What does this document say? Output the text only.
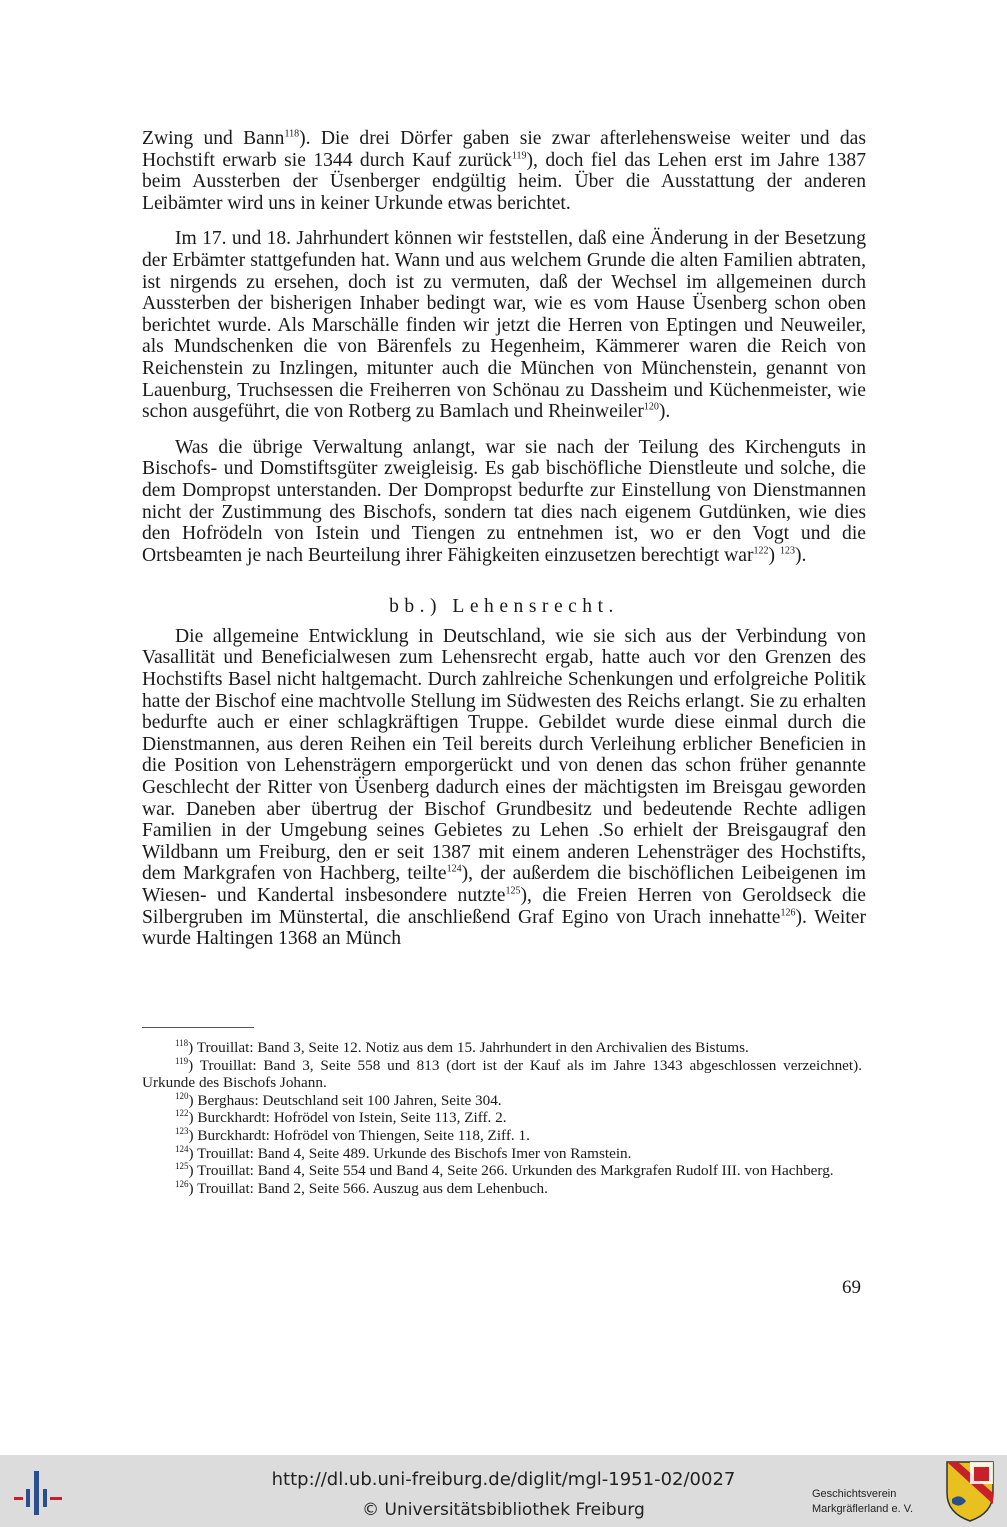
Zwing und Bann$^{118}$). Die drei Dörfer gaben sie zwar afterlehensweise weiter und das Hochstift erwarb sie 1344 durch Kauf zurück$^{119}$), doch fiel das Lehen erst im Jahre 1387 beim Aussterben der Üsenberger endgültig heim. Über die Ausstattung der anderen Leibämter wird uns in keiner Urkunde etwas berichtet.

Im 17. und 18. Jahrhundert können wir feststellen, daß eine Änderung in der Besetzung der Erbämter stattgefunden hat. Wann und aus welchem Grunde die alten Familien abtraten, ist nirgends zu ersehen, doch ist zu vermuten, daß der Wechsel im allgemeinen durch Aussterben der bisherigen Inhaber bedingt war, wie es vom Hause Üsenberg schon oben berichtet wurde. Als Marschälle finden wir jetzt die Herren von Eptingen und Neuweiler, als Mundschenken die von Bärenfels zu Hegenheim, Kämmerer waren die Reich von Reichenstein zu Inzlingen, mitunter auch die München von Münchenstein, genannt von Lauenburg, Truchsessen die Freiherren von Schönau zu Dassheim und Küchenmeister, wie schon ausgeführt, die von Rotberg zu Bamlach und Rheinweiler$^{120}$).

Was die übrige Verwaltung anlangt, war sie nach der Teilung des Kirchenguts in Bischofs- und Domstiftsgüter zweigleisig. Es gab bischöfliche Dienstleute und solche, die dem Dompropst unterstanden. Der Dompropst bedurfte zur Einstellung von Dienstmannen nicht der Zustimmung des Bischofs, sondern tat dies nach eigenem Gutdünken, wie dies den Hofrödeln von Istein und Tiengen zu entnehmen ist, wo er den Vogt und die Ortsbeamten je nach Beurteilung ihrer Fähigkeiten einzusetzen berechtigt war$^{122}$) $^{123}$).

bb.) Lehensrecht.

Die allgemeine Entwicklung in Deutschland, wie sie sich aus der Verbindung von Vasallität und Beneficialwesen zum Lehensrecht ergab, hatte auch vor den Grenzen des Hochstifts Basel nicht haltgemacht. Durch zahlreiche Schenkungen und erfolgreiche Politik hatte der Bischof eine machtvolle Stellung im Südwesten des Reichs erlangt. Sie zu erhalten bedurfte auch er einer schlagkräftigen Truppe. Gebildet wurde diese einmal durch die Dienstmannen, aus deren Reihen ein Teil bereits durch Verleihung erblicher Beneficien in die Position von Lehensträgern emporgerückt und von denen das schon früher genannte Geschlecht der Ritter von Üsenberg dadurch eines der mächtigsten im Breisgau geworden war. Daneben aber übertrug der Bischof Grundbesitz und bedeutende Rechte adligen Familien in der Umgebung seines Gebietes zu Lehen .So erhielt der Breisgaugraf den Wildbann um Freiburg, den er seit 1387 mit einem anderen Lehensträger des Hochstifts, dem Markgrafen von Hachberg, teilte$^{124}$), der außerdem die bischöflichen Leibeigenen im Wiesen- und Kandertal insbesondere nutzte$^{125}$), die Freien Herren von Geroldseck die Silbergruben im Münstertal, die anschließend Graf Egino von Urach innehatte$^{126}$). Weiter wurde Haltingen 1368 an Münch

$^{118}$) Trouillat: Band 3, Seite 12. Notiz aus dem 15. Jahrhundert in den Archivalien des Bistums.

$^{119}$) Trouillat: Band 3, Seite 558 und 813 (dort ist der Kauf als im Jahre 1343 abgeschlossen verzeichnet). Urkunde des Bischofs Johann.

$^{120}$) Berghaus: Deutschland seit 100 Jahren, Seite 304.

$^{122}$) Burckhardt: Hofrödel von Istein, Seite 113, Ziff. 2.

$^{123}$) Burckhardt: Hofrödel von Thiengen, Seite 118, Ziff. 1.

$^{124}$) Trouillat: Band 4, Seite 489. Urkunde des Bischofs Imer von Ramstein.

$^{125}$) Trouillat: Band 4, Seite 554 und Band 4, Seite 266. Urkunden des Markgrafen Rudolf III. von Hachberg.

$^{126}$) Trouillat: Band 2, Seite 566. Auszug aus dem Lehenbuch.

69
http://dl.ub.uni-freiburg.de/diglit/mgl-1951-02/0027
© Universitätsbibliothek Freiburg
Geschichtsverein
Markgräflerland e. V.
